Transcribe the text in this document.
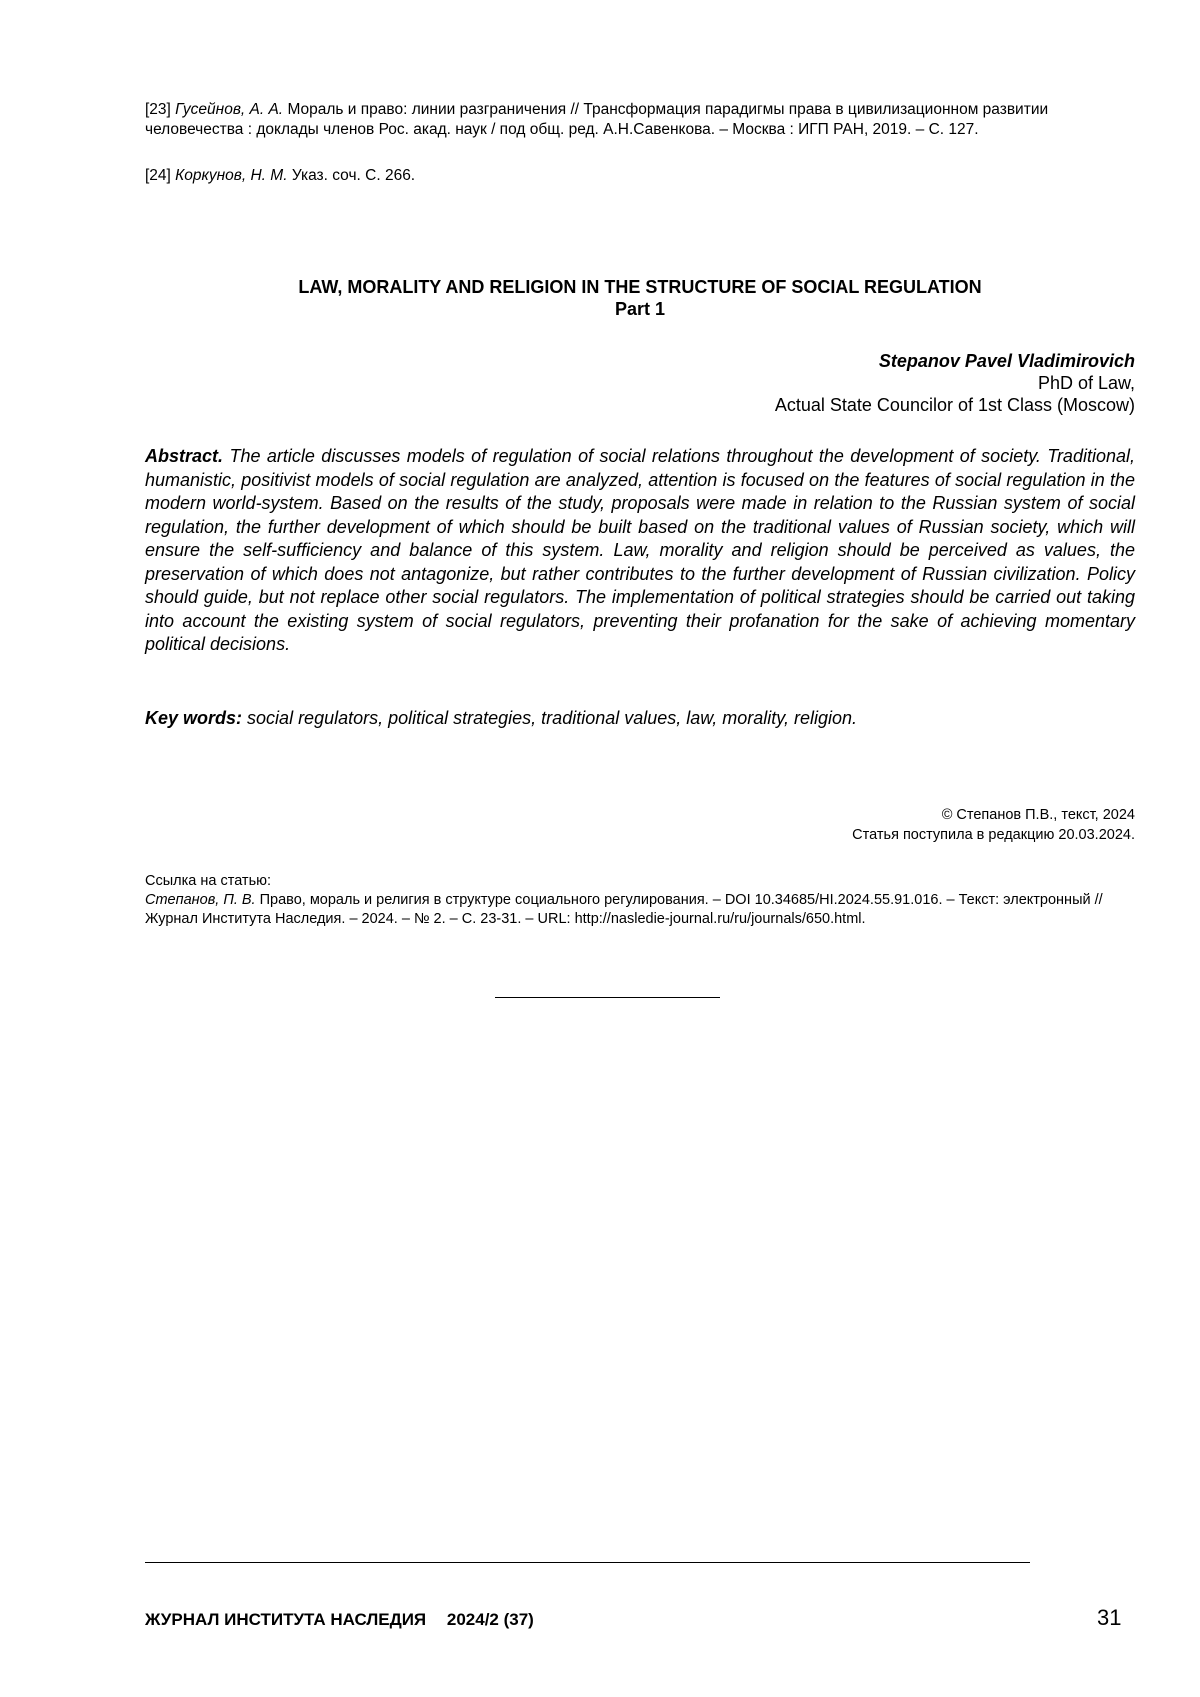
[23] Гусейнов, А. А. Мораль и право: линии разграничения // Трансформация парадигмы права в цивилизационном развитии человечества : доклады членов Рос. акад. наук / под общ. ред. А.Н.Савенкова. – Москва : ИГП РАН, 2019. – С. 127.
[24] Коркунов, Н. М. Указ. соч. С. 266.
LAW, MORALITY AND RELIGION IN THE STRUCTURE OF SOCIAL REGULATION
Part 1
Stepanov Pavel Vladimirovich
PhD of Law,
Actual State Councilor of 1st Class (Moscow)
Abstract. The article discusses models of regulation of social relations throughout the development of society. Traditional, humanistic, positivist models of social regulation are analyzed, attention is focused on the features of social regulation in the modern world-system. Based on the results of the study, proposals were made in relation to the Russian system of social regulation, the further development of which should be built based on the traditional values of Russian society, which will ensure the self-sufficiency and balance of this system. Law, morality and religion should be perceived as values, the preservation of which does not antagonize, but rather contributes to the further development of Russian civilization. Policy should guide, but not replace other social regulators. The implementation of political strategies should be carried out taking into account the existing system of social regulators, preventing their profanation for the sake of achieving momentary political decisions.
Key words: social regulators, political strategies, traditional values, law, morality, religion.
© Степанов П.В., текст, 2024
Статья поступила в редакцию 20.03.2024.
Ссылка на статью:
Степанов, П. В. Право, мораль и религия в структуре социального регулирования. – DOI 10.34685/HI.2024.55.91.016. – Текст: электронный // Журнал Института Наследия. – 2024. – № 2. – С. 23-31. – URL: http://nasledie-journal.ru/ru/journals/650.html.
ЖУРНАЛ ИНСТИТУТА НАСЛЕДИЯ 2024/2 (37)	31
